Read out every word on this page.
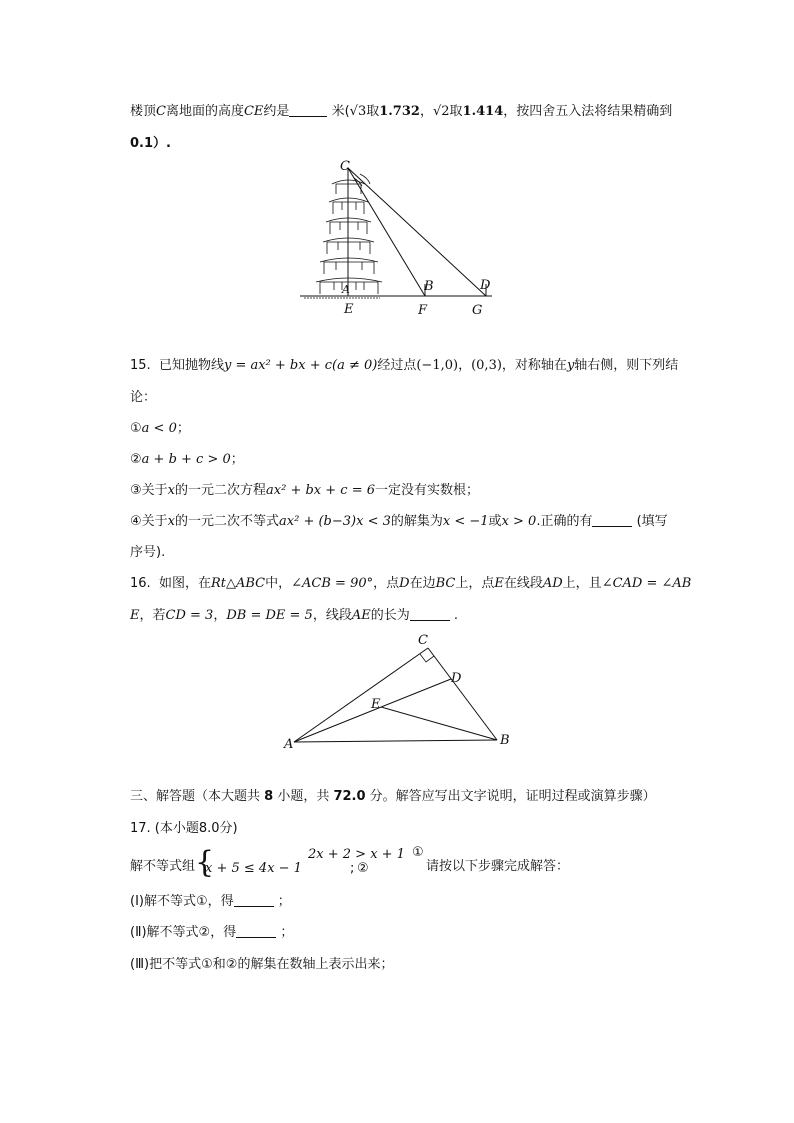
楼顶C离地面的高度CE约是	米(√3取1.732，√2取1.414，按四舍五入法将结果精确到
0.1）.
C
A	B	D
E	F	G
15. 已知抛物线y = ax² + bx + c(a ≠ 0)经过点(−1,0)，(0,3)，对称轴在y轴右侧，则下列结
论：
①a < 0；
②a + b + c > 0；
③关于x的一元二次方程ax² + bx + c = 6一定没有实数根；
④关于x的一元二次不等式ax² + (b−3)x < 3的解集为x < −1或x > 0.正确的有	(填写
序号).
16. 如图，在Rt△ABC中，∠ACB = 90°，点D在边BC上，点E在线段AD上，且∠CAD = ∠AB
E，若CD = 3，DB = DE = 5，线段AE的长为	.
C
D
E
A	B
三、解答题（本大题共 8 小题，共 72.0 分。解答应写出文字说明，证明过程或演算步骤）
17. (本小题8.0分)
解不等式组 {	2x + 2 > x + 1 ①
x + 5 ≤ 4x − 1	; ②	请按以下步骤完成解答：
(Ⅰ)解不等式①，得	；
(Ⅱ)解不等式②，得	；
(Ⅲ)把不等式①和②的解集在数轴上表示出来；
